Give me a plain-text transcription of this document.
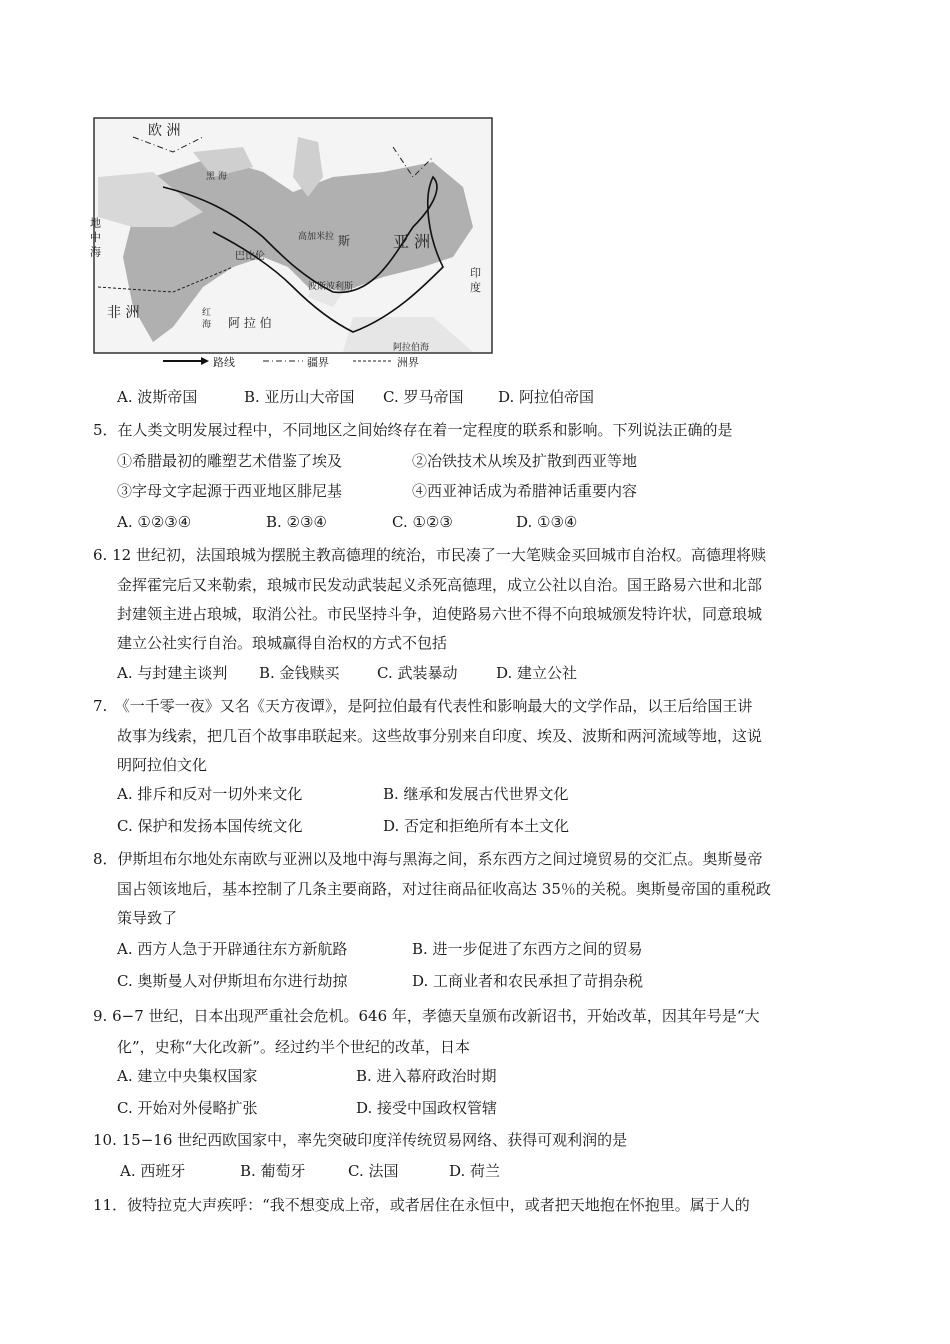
欧 洲
亚 洲
斯
非 洲
阿 拉 伯
巴比伦
高加米拉
波斯波利斯	印 度
阿拉伯海
地 中 海
黑 海
红 海
路线	疆界	洲界
A. 波斯帝国	B. 亚历山大帝国 C. 罗马帝国 D. 阿拉伯帝国
5．在人类文明发展过程中，不同地区之间始终存在着一定程度的联系和影响。下列说法正确的是
①希腊最初的雕塑艺术借鉴了埃及	②冶铁技术从埃及扩散到西亚等地
③字母文字起源于西亚地区腓尼基	④西亚神话成为希腊神话重要内容
A. ①②③④	B. ②③④	C. ①②③	D. ①③④
6. 12 世纪初，法国琅城为摆脱主教高德理的统治，市民凑了一大笔赎金买回城市自治权。高德理将赎
金挥霍完后又来勒索，琅城市民发动武装起义杀死高德理，成立公社以自治。国王路易六世和北部
封建领主进占琅城，取消公社。市民坚持斗争，迫使路易六世不得不向琅城颁发特许状，同意琅城
建立公社实行自治。琅城赢得自治权的方式不包括
A. 与封建主谈判 B. 金钱赎买 C. 武装暴动	D. 建立公社
7.　《一千零一夜》又名《天方夜谭》，是阿拉伯最有代表性和影响最大的文学作品，以王后给国王讲
故事为线索，把几百个故事串联起来。这些故事分别来自印度、埃及、波斯和两河流域等地，这说
明阿拉伯文化
A. 排斥和反对一切外来文化	B. 继承和发展古代世界文化
C. 保护和发扬本国传统文化	D. 否定和拒绝所有本土文化
8．伊斯坦布尔地处东南欧与亚洲以及地中海与黑海之间，系东西方之间过境贸易的交汇点。奥斯曼帝
国占领该地后，基本控制了几条主要商路，对过往商品征收高达 35％的关税。奥斯曼帝国的重税政
策导致了
A. 西方人急于开辟通往东方新航路	B. 进一步促进了东西方之间的贸易
C. 奥斯曼人对伊斯坦布尔进行劫掠	D. 工商业者和农民承担了苛捐杂税
9. 6−7 世纪，日本出现严重社会危机。646 年，孝德天皇颁布改新诏书，开始改革，因其年号是“大
化”，史称“大化改新”。经过约半个世纪的改革，日本
A. 建立中央集权国家	B. 进入幕府政治时期
C. 开始对外侵略扩张	D. 接受中国政权管辖
10. 15−16 世纪西欧国家中，率先突破印度洋传统贸易网络、获得可观利润的是
A. 西班牙	B. 葡萄牙	C. 法国	D. 荷兰
11．彼特拉克大声疾呼：“我不想变成上帝，或者居住在永恒中，或者把天地抱在怀抱里。属于人的
